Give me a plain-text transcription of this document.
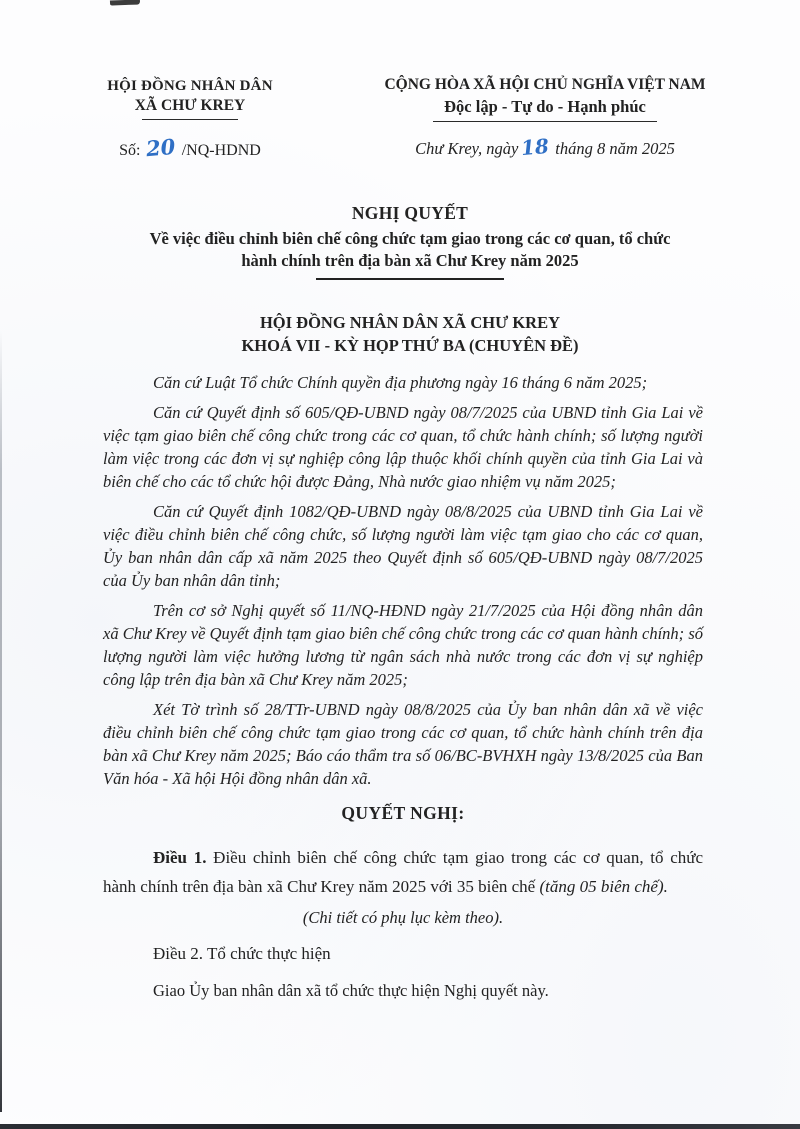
HỘI ĐỒNG NHÂN DÂN
XÃ CHƯ KREY
Số: 20 /NQ-HDND
CỘNG HÒA XÃ HỘI CHỦ NGHĨA VIỆT NAM
Độc lập - Tự do - Hạnh phúc
Chư Krey, ngày 18 tháng 8 năm 2025
NGHỊ QUYẾT
Về việc điều chỉnh biên chế công chức tạm giao trong các cơ quan, tổ chức
hành chính trên địa bàn xã Chư Krey năm 2025
HỘI ĐỒNG NHÂN DÂN XÃ CHƯ KREY
KHOÁ VII - KỲ HỌP THỨ BA (CHUYÊN ĐỀ)

Căn cứ Luật Tổ chức Chính quyền địa phương ngày 16 tháng 6 năm 2025;

Căn cứ Quyết định số 605/QĐ-UBND ngày 08/7/2025 của UBND tỉnh Gia Lai về việc tạm giao biên chế công chức trong các cơ quan, tổ chức hành chính; số lượng người làm việc trong các đơn vị sự nghiệp công lập thuộc khối chính quyền của tỉnh Gia Lai và biên chế cho các tổ chức hội được Đảng, Nhà nước giao nhiệm vụ năm 2025;

Căn cứ Quyết định 1082/QĐ-UBND ngày 08/8/2025 của UBND tỉnh Gia Lai về việc điều chỉnh biên chế công chức, số lượng người làm việc tạm giao cho các cơ quan, Ủy ban nhân dân cấp xã năm 2025 theo Quyết định số 605/QĐ-UBND ngày 08/7/2025 của Ủy ban nhân dân tỉnh;

Trên cơ sở Nghị quyết số 11/NQ-HĐND ngày 21/7/2025 của Hội đồng nhân dân xã Chư Krey về Quyết định tạm giao biên chế công chức trong các cơ quan hành chính; số lượng người làm việc hưởng lương từ ngân sách nhà nước trong các đơn vị sự nghiệp công lập trên địa bàn xã Chư Krey năm 2025;

Xét Tờ trình số 28/TTr-UBND ngày 08/8/2025 của Ủy ban nhân dân xã về việc điều chỉnh biên chế công chức tạm giao trong các cơ quan, tổ chức hành chính trên địa bàn xã Chư Krey năm 2025; Báo cáo thẩm tra số 06/BC-BVHXH ngày 13/8/2025 của Ban Văn hóa - Xã hội Hội đồng nhân dân xã.

QUYẾT NGHỊ:

Điều 1. Điều chỉnh biên chế công chức tạm giao trong các cơ quan, tổ chức hành chính trên địa bàn xã Chư Krey năm 2025 với 35 biên chế (tăng 05 biên chế).

(Chi tiết có phụ lục kèm theo).

Điều 2. Tổ chức thực hiện

Giao Ủy ban nhân dân xã tổ chức thực hiện Nghị quyết này.
